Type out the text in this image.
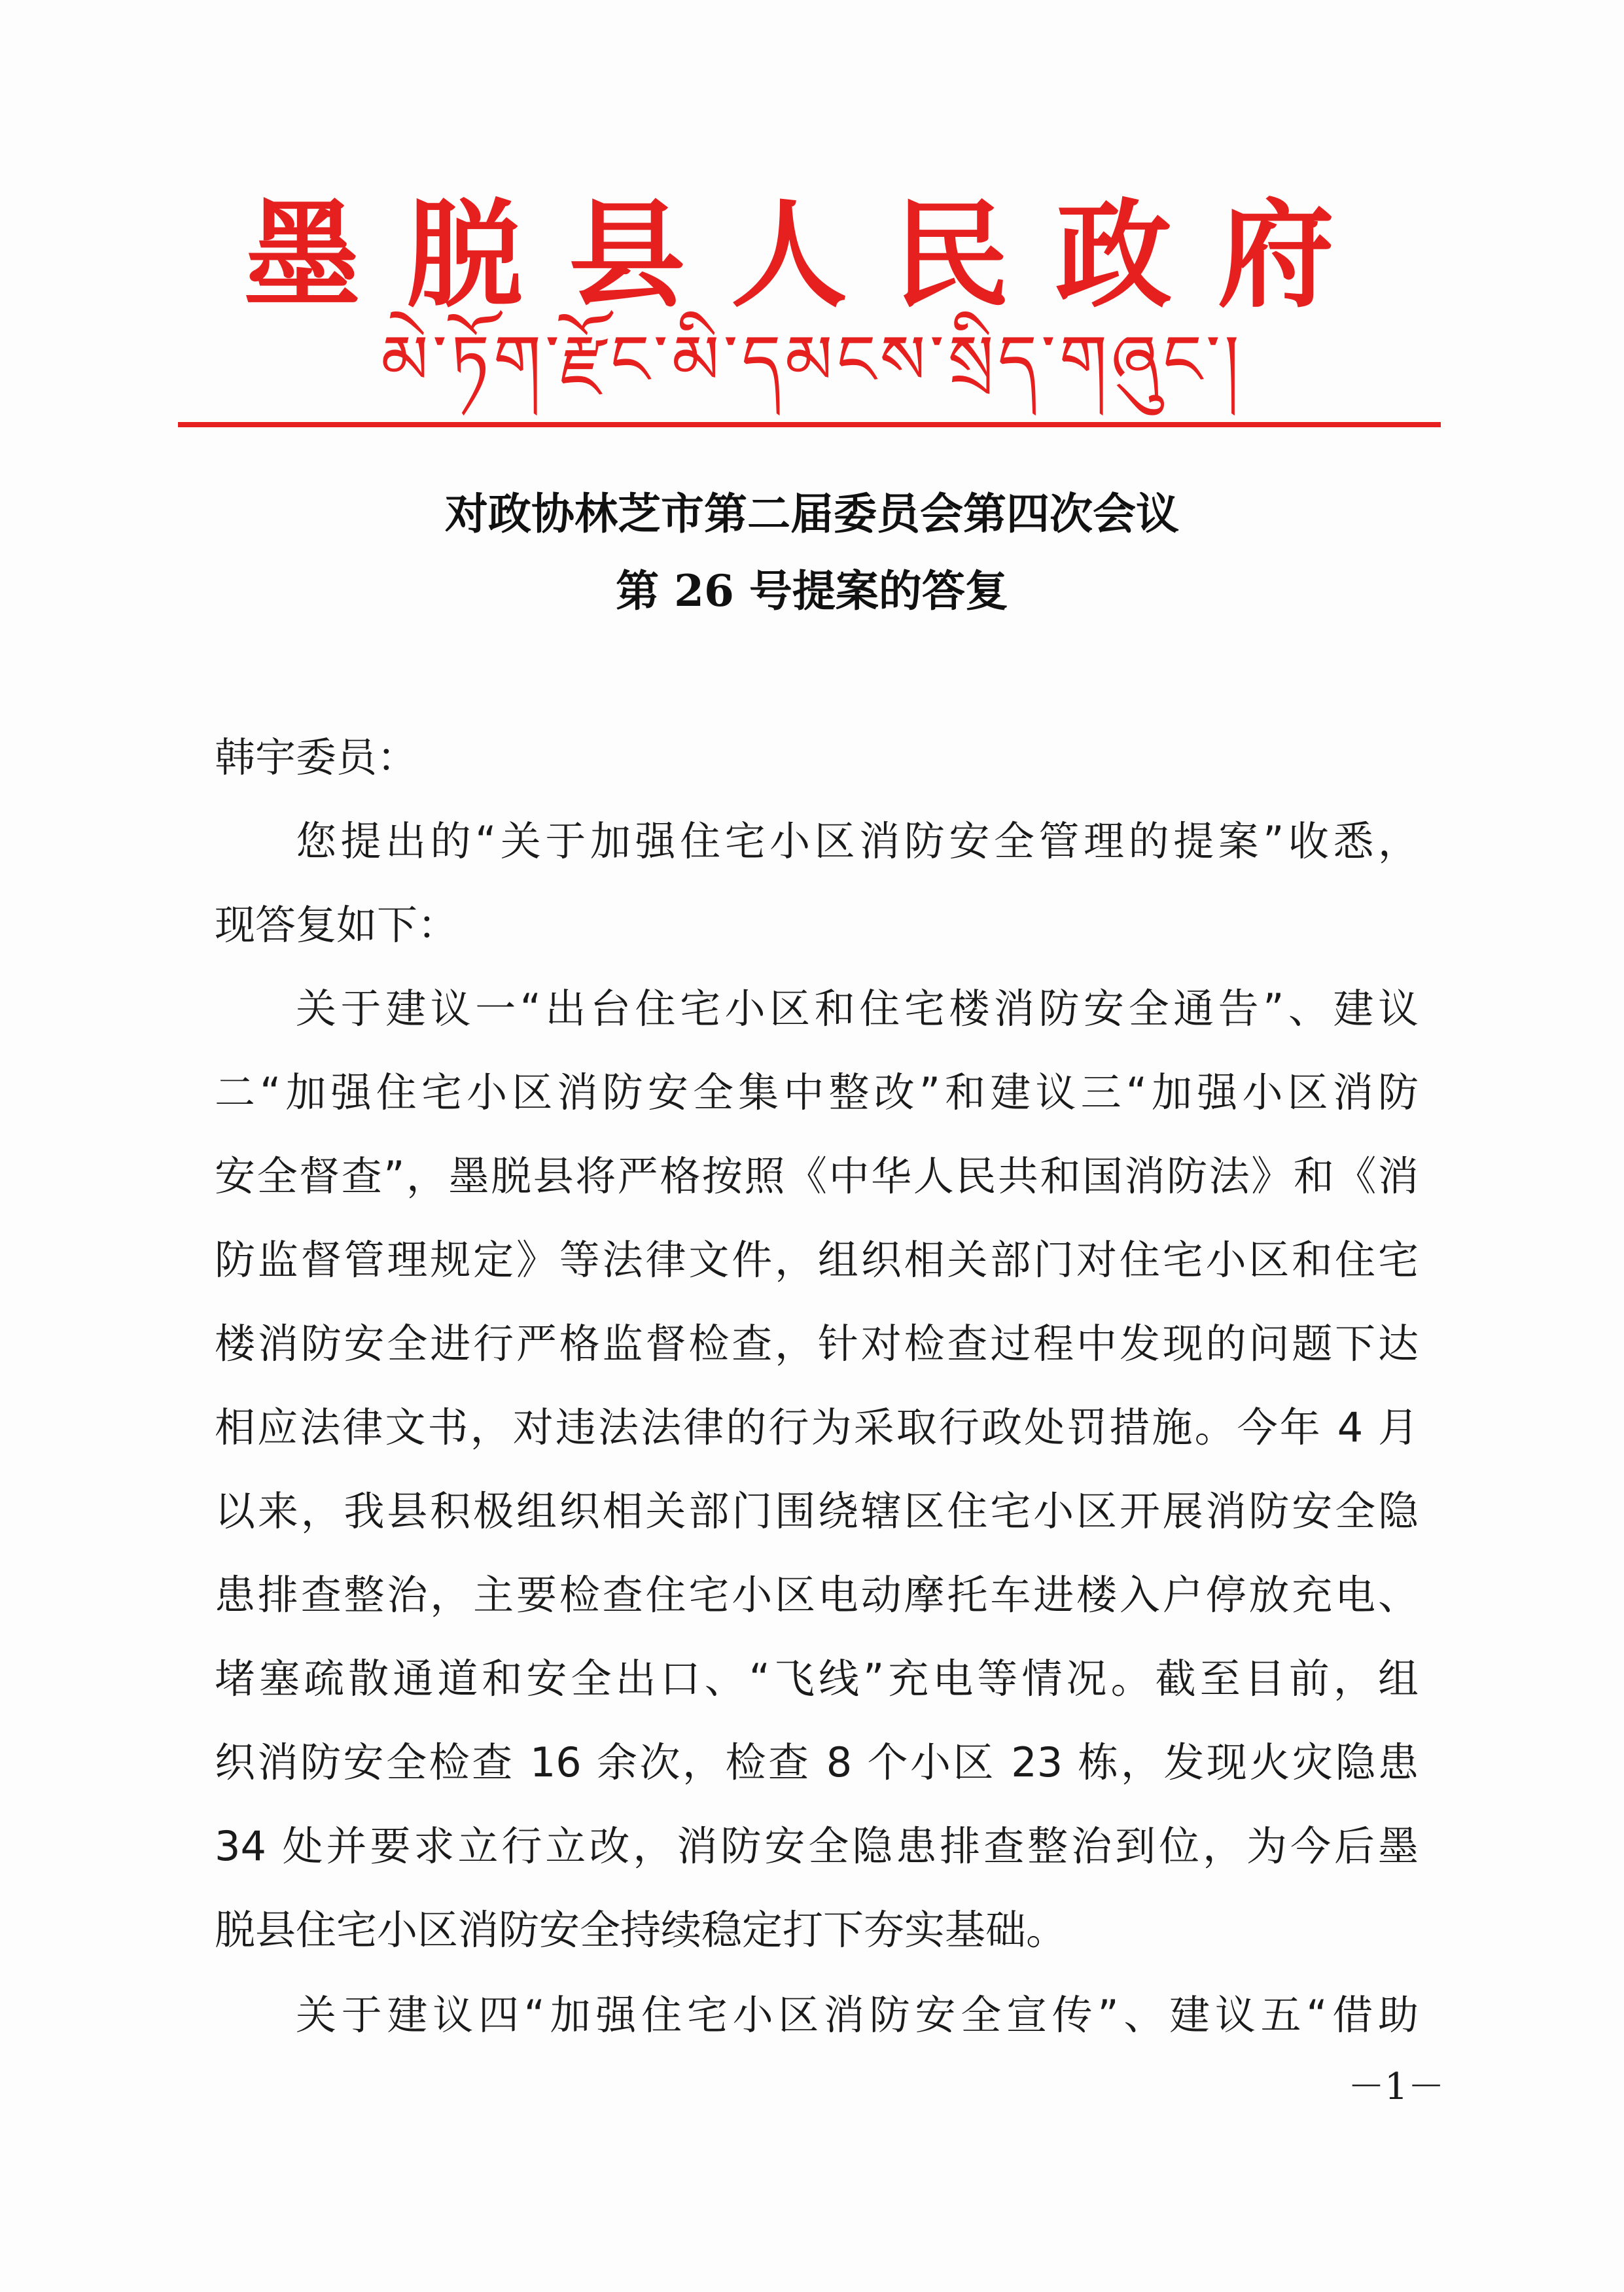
墨脱县人民政府
མེ་ཏོག་རྫོང་མི་དམངས་སྲིད་གཞུང་།
对政协林芝市第二届委员会第四次会议
第 26 号提案的答复
韩宇委员：
您提出的“关于加强住宅小区消防安全管理的提案”收悉，
现答复如下：
关于建议一“出台住宅小区和住宅楼消防安全通告”、建议
二“加强住宅小区消防安全集中整改”和建议三“加强小区消防
安全督查”，墨脱县将严格按照《中华人民共和国消防法》和《消
防监督管理规定》等法律文件，组织相关部门对住宅小区和住宅
楼消防安全进行严格监督检查，针对检查过程中发现的问题下达
相应法律文书，对违法法律的行为采取行政处罚措施。今年 4 月
以来，我县积极组织相关部门围绕辖区住宅小区开展消防安全隐
患排查整治，主要检查住宅小区电动摩托车进楼入户停放充电、
堵塞疏散通道和安全出口、“飞线”充电等情况。截至目前，组
织消防安全检查 16 余次，检查 8 个小区 23 栋，发现火灾隐患
34 处并要求立行立改，消防安全隐患排查整治到位，为今后墨
脱县住宅小区消防安全持续稳定打下夯实基础。
关于建议四“加强住宅小区消防安全宣传”、建议五“借助
－1－
